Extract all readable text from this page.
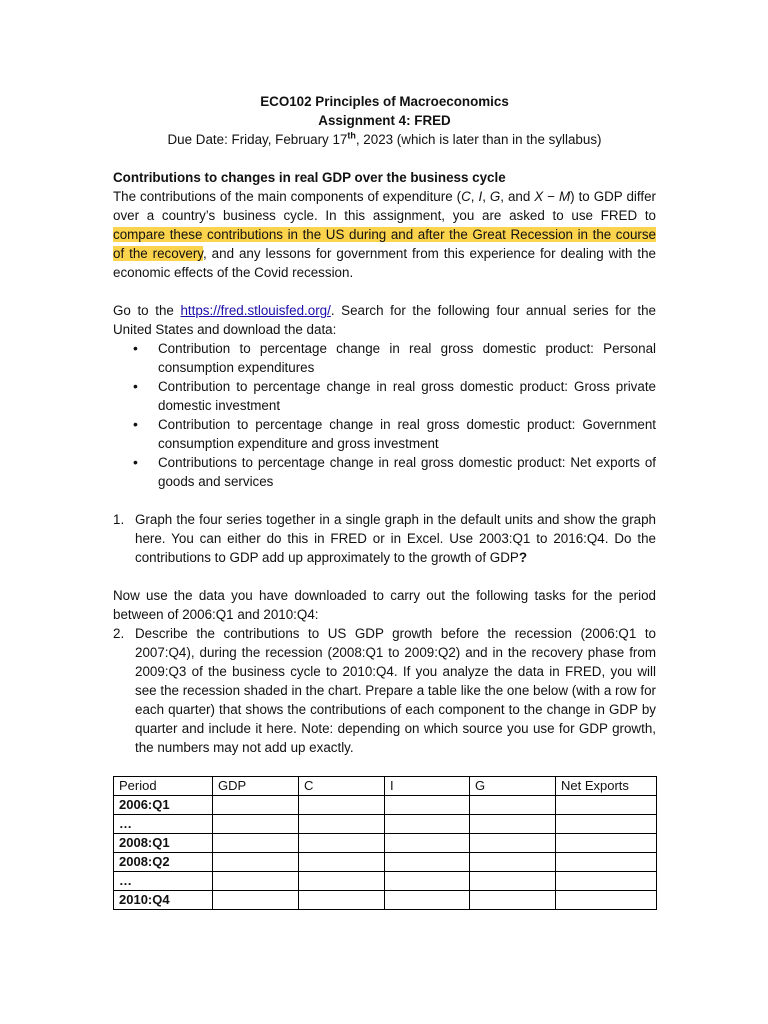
ECO102 Principles of Macroeconomics
Assignment 4: FRED
Due Date: Friday, February 17th, 2023 (which is later than in the syllabus)

Contributions to changes in real GDP over the business cycle

The contributions of the main components of expenditure (C, I, G, and X − M) to GDP differ over a country’s business cycle. In this assignment, you are asked to use FRED to compare these contributions in the US during and after the Great Recession in the course of the recovery, and any lessons for government from this experience for dealing with the economic effects of the Covid recession.

Go to the https://fred.stlouisfed.org/. Search for the following four annual series for the United States and download the data:

• Contribution to percentage change in real gross domestic product: Personal consumption expenditures
• Contribution to percentage change in real gross domestic product: Gross private domestic investment
• Contribution to percentage change in real gross domestic product: Government consumption expenditure and gross investment
• Contributions to percentage change in real gross domestic product: Net exports of goods and services
1. Graph the four series together in a single graph in the default units and show the graph here. You can either do this in FRED or in Excel. Use 2003:Q1 to 2016:Q4. Do the contributions to GDP add up approximately to the growth of GDP?

Now use the data you have downloaded to carry out the following tasks for the period between of 2006:Q1 and 2010:Q4:

2. Describe the contributions to US GDP growth before the recession (2006:Q1 to 2007:Q4), during the recession (2008:Q1 to 2009:Q2) and in the recovery phase from 2009:Q3 of the business cycle to 2010:Q4. If you analyze the data in FRED, you will see the recession shaded in the chart. Prepare a table like the one below (with a row for each quarter) that shows the contributions of each component to the change in GDP by quarter and include it here. Note: depending on which source you use for GDP growth, the numbers may not add up exactly.
Period	GDP	C	I	G	Net Exports
2006:Q1					
…					
2008:Q1					
2008:Q2					
…					
2010:Q4					
